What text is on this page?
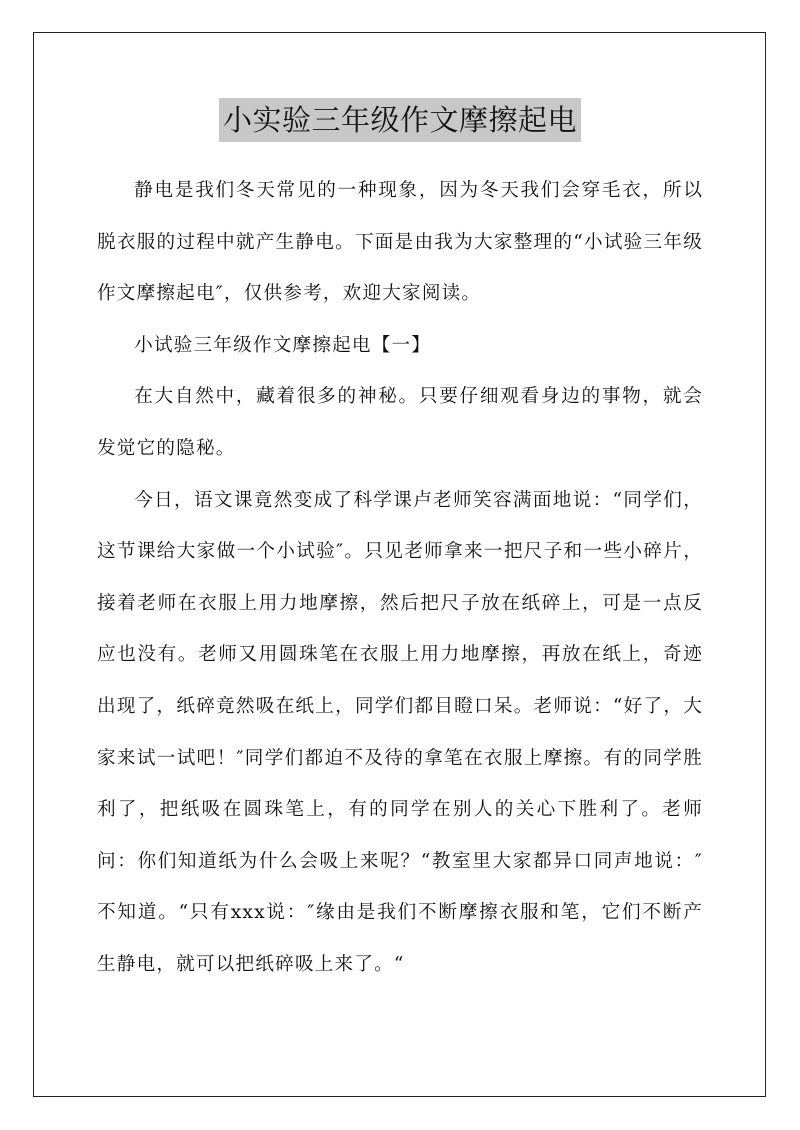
小实验三年级作文摩擦起电

静电是我们冬天常见的一种现象，因为冬天我们会穿毛衣，所以脱衣服的过程中就产生静电。下面是由我为大家整理的“小试验三年级作文摩擦起电″，仅供参考，欢迎大家阅读。

小试验三年级作文摩擦起电【一】

在大自然中，藏着很多的神秘。只要仔细观看身边的事物，就会发觉它的隐秘。

今日，语文课竟然变成了科学课卢老师笑容满面地说：“同学们，这节课给大家做一个小试验″。只见老师拿来一把尺子和一些小碎片，接着老师在衣服上用力地摩擦，然后把尺子放在纸碎上，可是一点反应也没有。老师又用圆珠笔在衣服上用力地摩擦，再放在纸上，奇迹出现了，纸碎竟然吸在纸上，同学们都目瞪口呆。老师说：“好了，大家来试一试吧！″同学们都迫不及待的拿笔在衣服上摩擦。有的同学胜利了，把纸吸在圆珠笔上，有的同学在别人的关心下胜利了。老师问：你们知道纸为什么会吸上来呢？“教室里大家都异口同声地说：″不知道。“只有xxx说：″缘由是我们不断摩擦衣服和笔，它们不断产生静电，就可以把纸碎吸上来了。“
